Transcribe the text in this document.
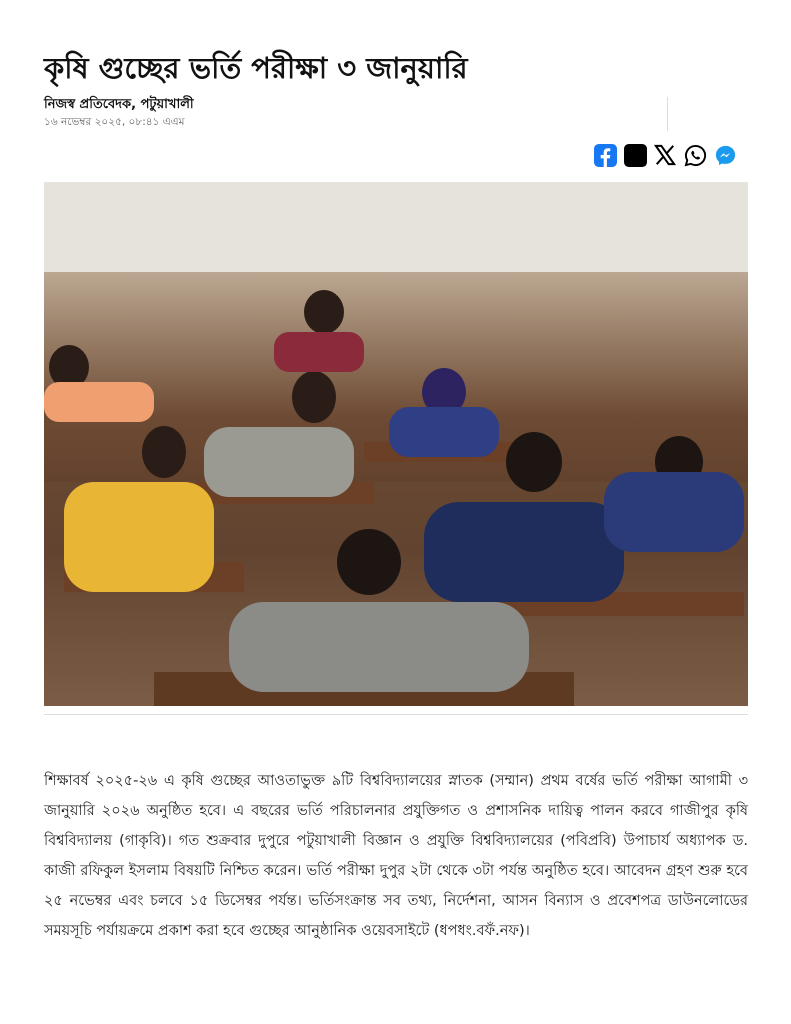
কৃষি গুচ্ছের ভর্তি পরীক্ষা ৩ জানুয়ারি
নিজস্ব প্রতিবেদক, পটুয়াখালী
১৬ নভেম্বর ২০২৫, ০৮:৪১ এএম

শিক্ষাবর্ষ ২০২৫-২৬ এ কৃষি গুচ্ছের আওতাভুক্ত ৯টি বিশ্ববিদ্যালয়ের স্নাতক (সম্মান) প্রথম বর্ষের ভর্তি পরীক্ষা আগামী ৩ জানুয়ারি ২০২৬ অনুষ্ঠিত হবে। এ বছরের ভর্তি পরিচালনার প্রযুক্তিগত ও প্রশাসনিক দায়িত্ব পালন করবে গাজীপুর কৃষি বিশ্ববিদ্যালয় (গাকৃবি)। গত শুক্রবার দুপুরে পটুয়াখালী বিজ্ঞান ও প্রযুক্তি বিশ্ববিদ্যালয়ের (পবিপ্রবি) উপাচার্য অধ্যাপক ড. কাজী রফিকুল ইসলাম বিষয়টি নিশ্চিত করেন। ভর্তি পরীক্ষা দুপুর ২টা থেকে ৩টা পর্যন্ত অনুষ্ঠিত হবে। আবেদন গ্রহণ শুরু হবে ২৫ নভেম্বর এবং চলবে ১৫ ডিসেম্বর পর্যন্ত। ভর্তিসংক্রান্ত সব তথ্য, নির্দেশনা, আসন বিন্যাস ও প্রবেশপত্র ডাউনলোডের সময়সূচি পর্যায়ক্রমে প্রকাশ করা হবে গুচ্ছের আনুষ্ঠানিক ওয়েবসাইটে (ধপধং.বফঁ.নফ)।
